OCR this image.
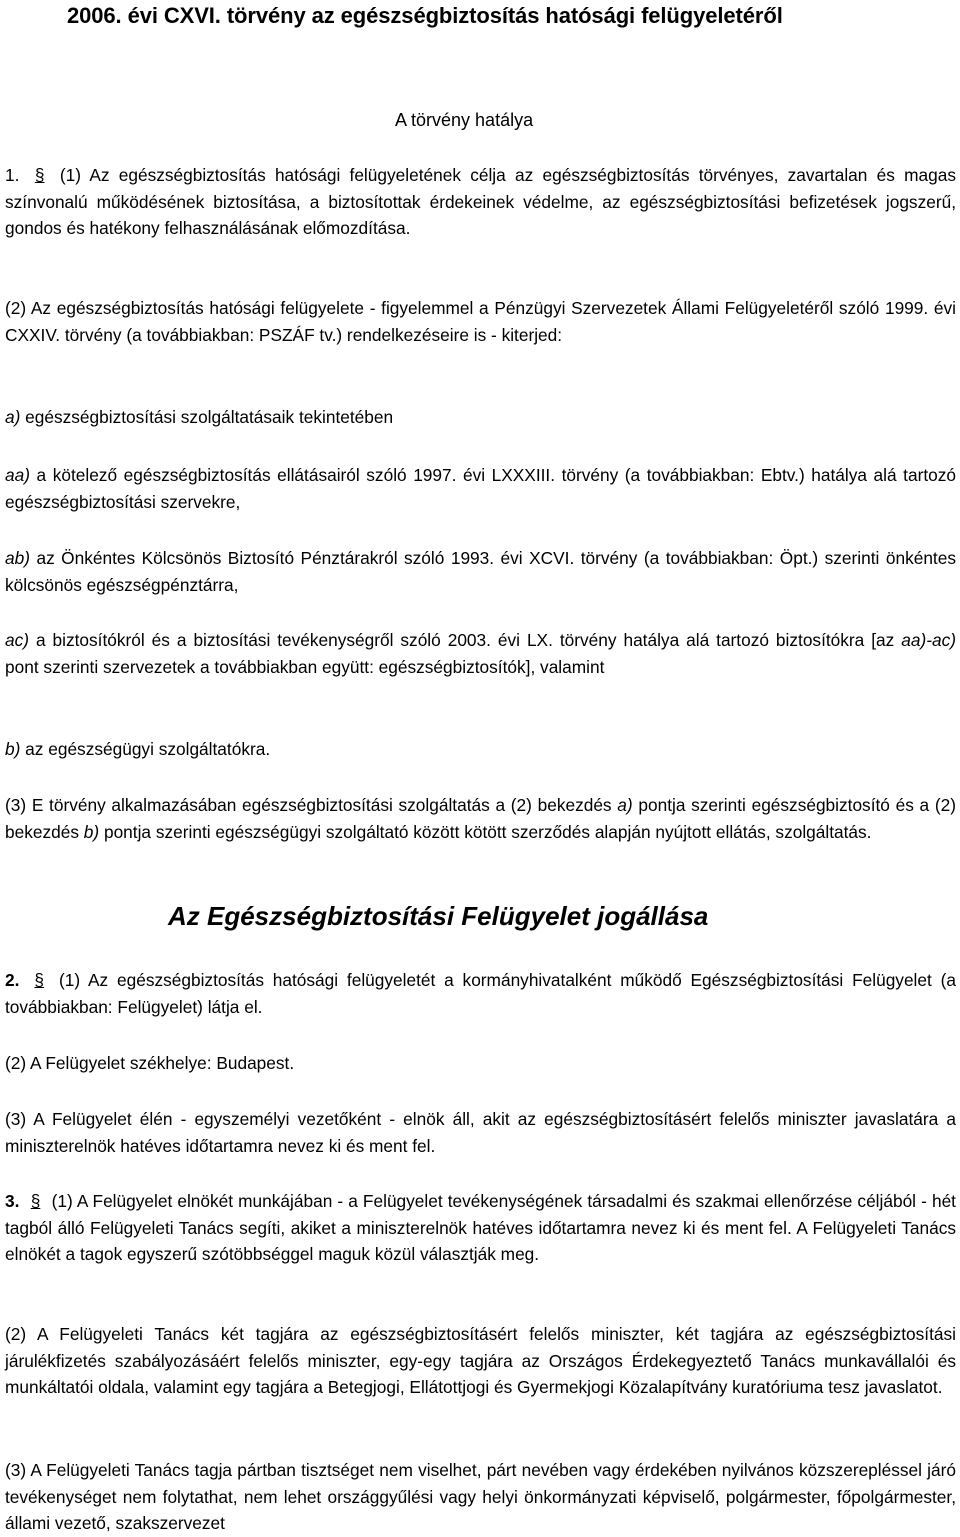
2006. évi CXVI. törvény az egészségbiztosítás hatósági felügyeletéről
A törvény hatálya

1. § (1) Az egészségbiztosítás hatósági felügyeletének célja az egészségbiztosítás törvényes, zavartalan és magas színvonalú működésének biztosítása, a biztosítottak érdekeinek védelme, az egészségbiztosítási befizetések jogszerű, gondos és hatékony felhasználásának előmozdítása.

(2) Az egészségbiztosítás hatósági felügyelete - figyelemmel a Pénzügyi Szervezetek Állami Felügyeletéről szóló 1999. évi CXXIV. törvény (a továbbiakban: PSZÁF tv.) rendelkezéseire is - kiterjed:

a) egészségbiztosítási szolgáltatásaik tekintetében

aa) a kötelező egészségbiztosítás ellátásairól szóló 1997. évi LXXXIII. törvény (a továbbiakban: Ebtv.) hatálya alá tartozó egészségbiztosítási szervekre,

ab) az Önkéntes Kölcsönös Biztosító Pénztárakról szóló 1993. évi XCVI. törvény (a továbbiakban: Öpt.) szerinti önkéntes kölcsönös egészségpénztárra,

ac) a biztosítókról és a biztosítási tevékenységről szóló 2003. évi LX. törvény hatálya alá tartozó biztosítókra [az aa)-ac) pont szerinti szervezetek a továbbiakban együtt: egészségbiztosítók], valamint

b) az egészségügyi szolgáltatókra.

(3) E törvény alkalmazásában egészségbiztosítási szolgáltatás a (2) bekezdés a) pontja szerinti egészségbiztosító és a (2) bekezdés b) pontja szerinti egészségügyi szolgáltató között kötött szerződés alapján nyújtott ellátás, szolgáltatás.

Az Egészségbiztosítási Felügyelet jogállása

2. § (1) Az egészségbiztosítás hatósági felügyeletét a kormányhivatalként működő Egészségbiztosítási Felügyelet (a továbbiakban: Felügyelet) látja el.

(2) A Felügyelet székhelye: Budapest.

(3) A Felügyelet élén - egyszemélyi vezetőként - elnök áll, akit az egészségbiztosításért felelős miniszter javaslatára a miniszterelnök hatéves időtartamra nevez ki és ment fel.

3. § (1) A Felügyelet elnökét munkájában - a Felügyelet tevékenységének társadalmi és szakmai ellenőrzése céljából - hét tagból álló Felügyeleti Tanács segíti, akiket a miniszterelnök hatéves időtartamra nevez ki és ment fel. A Felügyeleti Tanács elnökét a tagok egyszerű szótöbbséggel maguk közül választják meg.

(2) A Felügyeleti Tanács két tagjára az egészségbiztosításért felelős miniszter, két tagjára az egészségbiztosítási járulékfizetés szabályozásáért felelős miniszter, egy-egy tagjára az Országos Érdekegyeztető Tanács munkavállalói és munkáltatói oldala, valamint egy tagjára a Betegjogi, Ellátottjogi és Gyermekjogi Közalapítvány kuratóriuma tesz javaslatot.

(3) A Felügyeleti Tanács tagja pártban tisztséget nem viselhet, párt nevében vagy érdekében nyilvános közszerepléssel járó tevékenységet nem folytathat, nem lehet országgyűlési vagy helyi önkormányzati képviselő, polgármester, főpolgármester, állami vezető, szakszervezet
